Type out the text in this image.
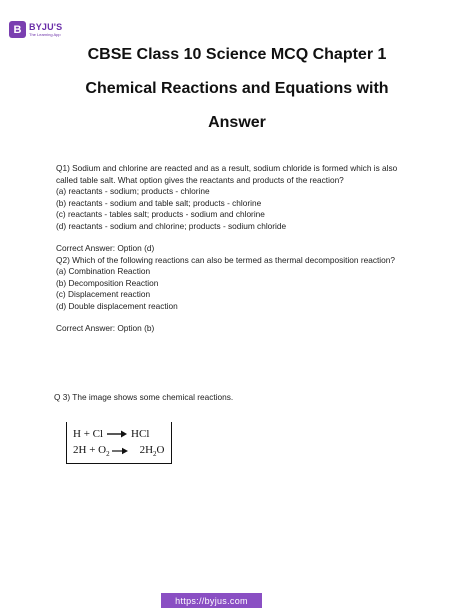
B BYJU'S
The Learning App
CBSE Class 10 Science MCQ Chapter 1
Chemical Reactions and Equations with
Answer

Q1) Sodium and chlorine are reacted and as a result, sodium chloride is formed which is also called table salt. What option gives the reactants and products of the reaction?

(a) reactants - sodium; products - chlorine

(b) reactants - sodium and table salt; products - chlorine

(c) reactants - tables salt; products - sodium and chlorine

(d) reactants - sodium and chlorine; products - sodium chloride

Correct Answer: Option (d)

Q2) Which of the following reactions can also be termed as thermal decomposition reaction?

(a) Combination Reaction

(b) Decomposition Reaction

(c) Displacement reaction

(d) Double displacement reaction

Correct Answer: Option (b)

Q 3) The image shows some chemical reactions.

H + Cl → HCl
$2H + O_2 \to 2H_2O$
https://byjus.com
